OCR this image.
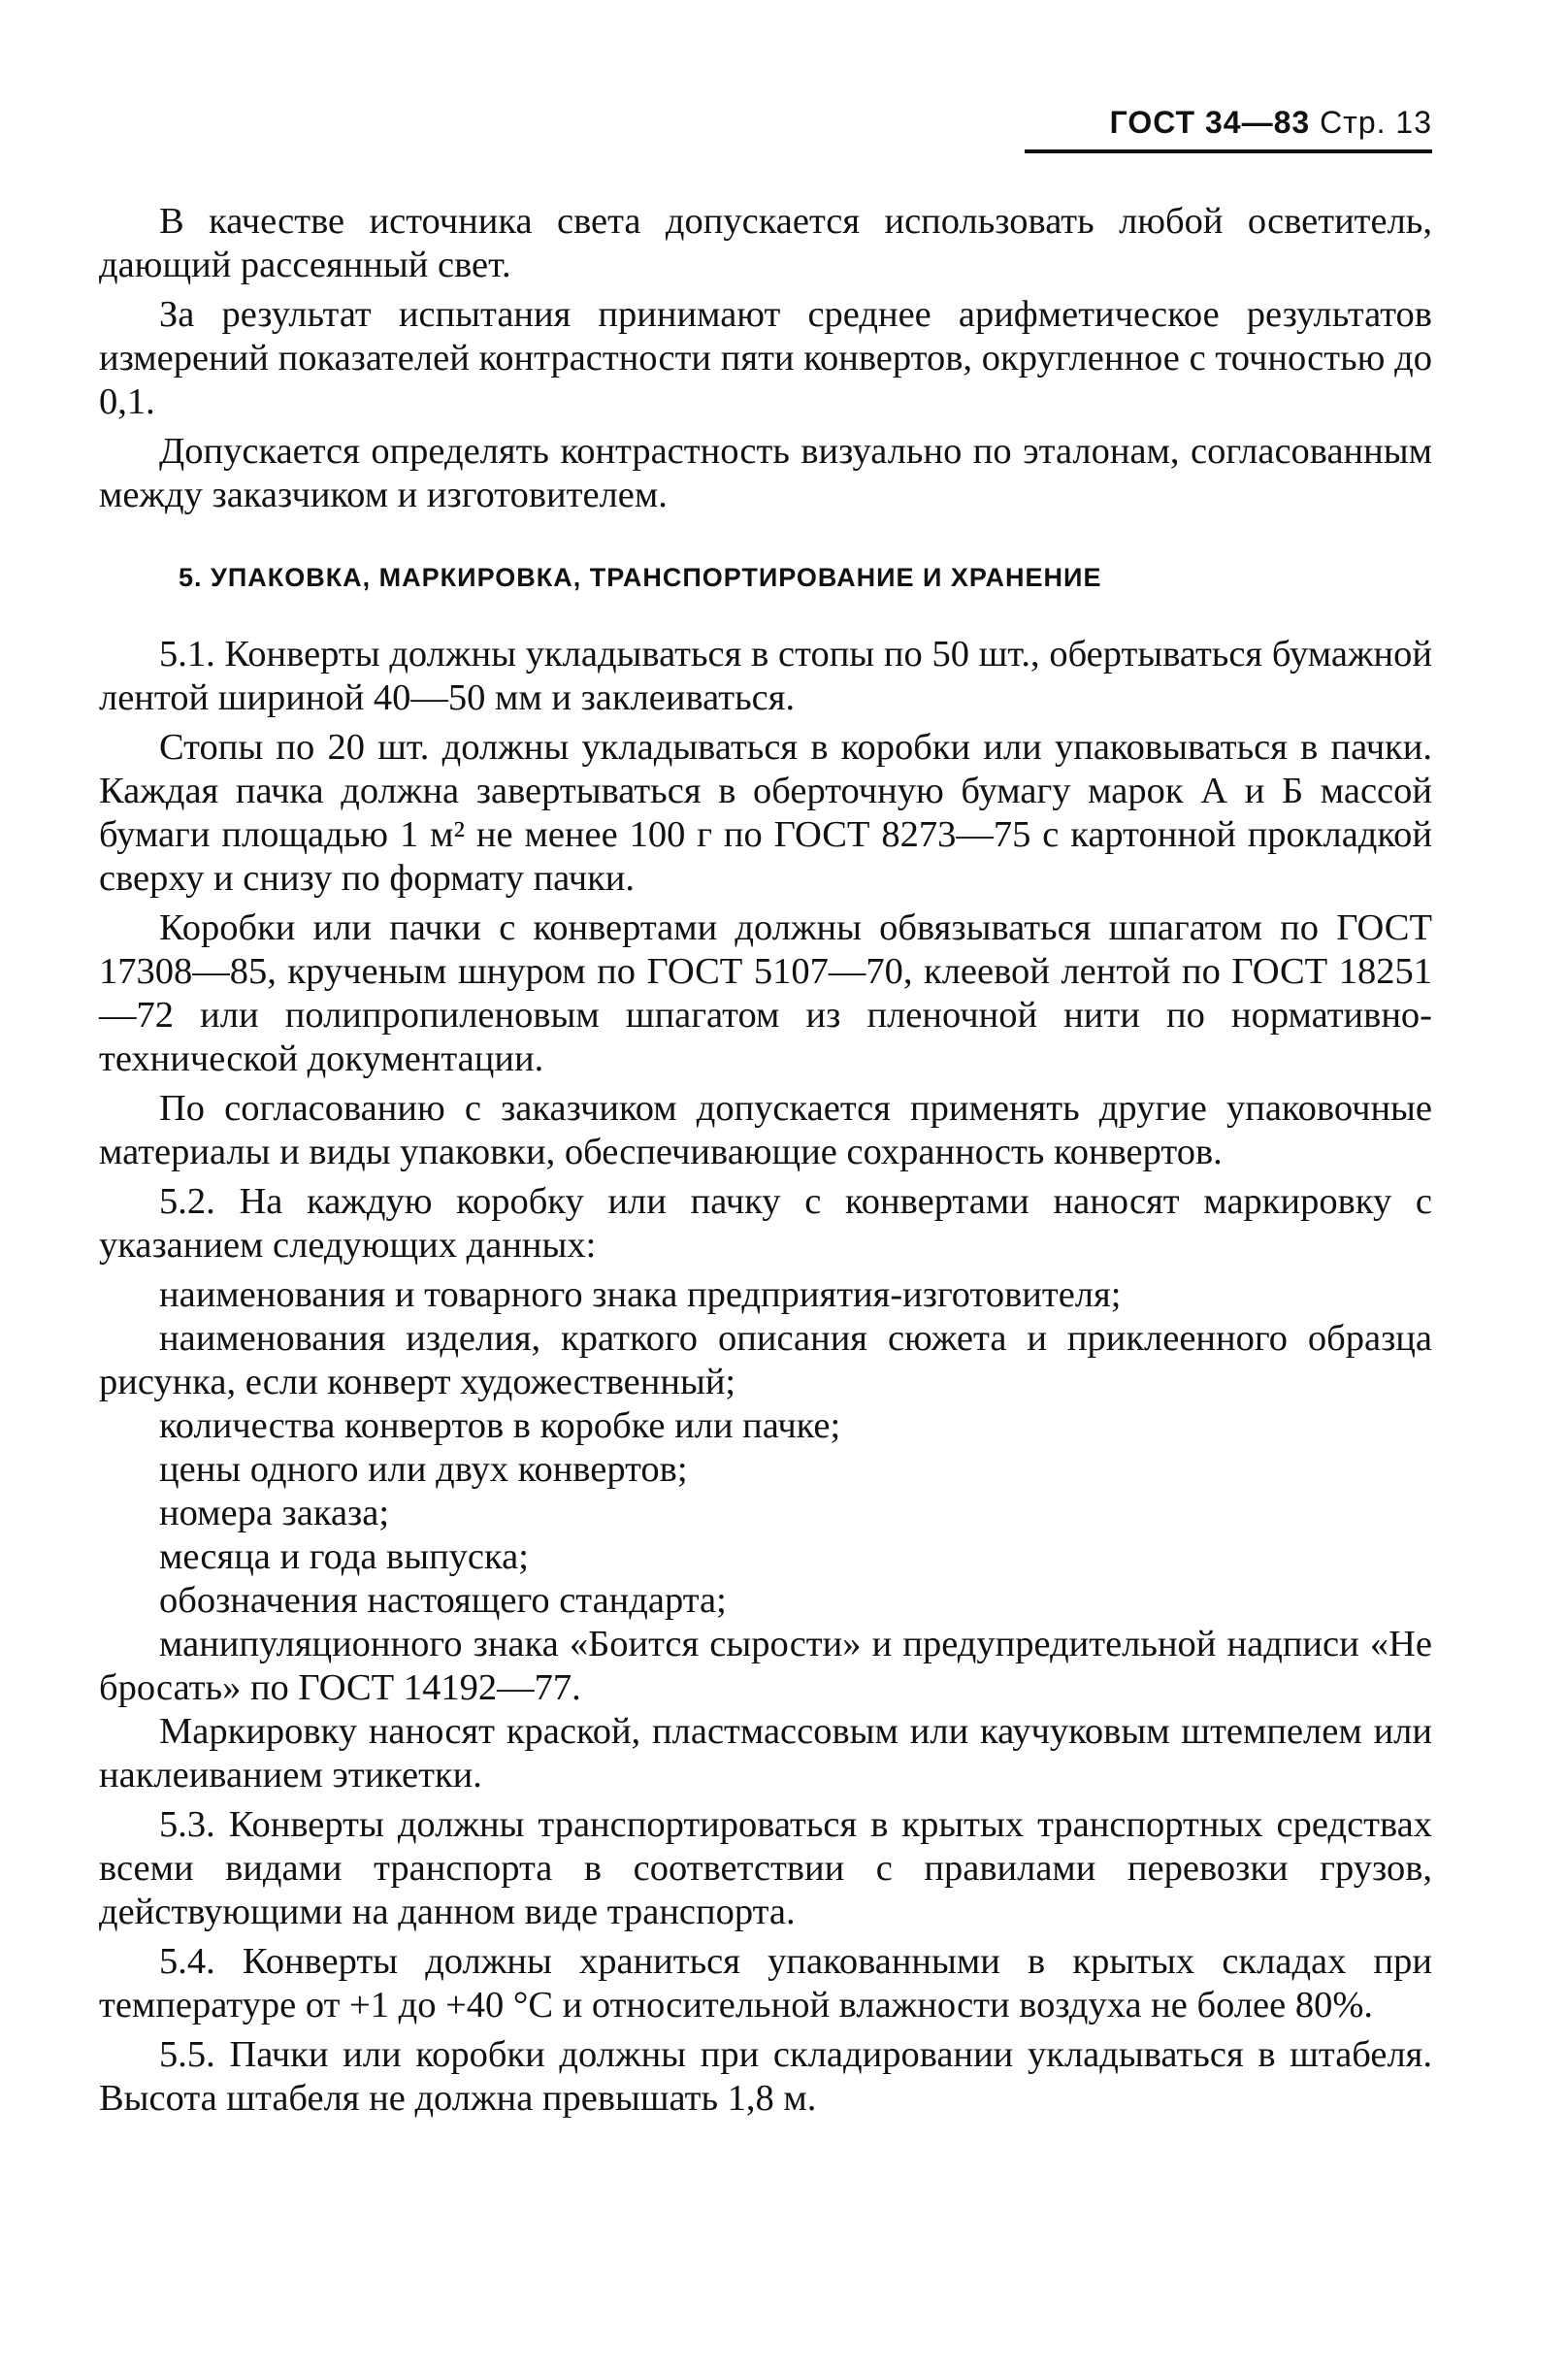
ГОСТ 34—83 Стр. 13

В качестве источника света допускается использовать любой осветитель, дающий рассеянный свет.

За результат испытания принимают среднее арифметическое результатов измерений показателей контрастности пяти конвертов, округленное с точностью до 0,1.

Допускается определять контрастность визуально по эталонам, согласованным между заказчиком и изготовителем.

5. УПАКОВКА, МАРКИРОВКА, ТРАНСПОРТИРОВАНИЕ И ХРАНЕНИЕ

5.1. Конверты должны укладываться в стопы по 50 шт., обертываться бумажной лентой шириной 40—50 мм и заклеиваться.

Стопы по 20 шт. должны укладываться в коробки или упаковываться в пачки. Каждая пачка должна завертываться в оберточную бумагу марок А и Б массой бумаги площадью 1 м² не менее 100 г по ГОСТ 8273—75 с картонной прокладкой сверху и снизу по формату пачки.

Коробки или пачки с конвертами должны обвязываться шпагатом по ГОСТ 17308—85, крученым шнуром по ГОСТ 5107—70, клеевой лентой по ГОСТ 18251—72 или полипропиленовым шпагатом из пленочной нити по нормативно-технической документации.

По согласованию с заказчиком допускается применять другие упаковочные материалы и виды упаковки, обеспечивающие сохранность конвертов.

5.2. На каждую коробку или пачку с конвертами наносят маркировку с указанием следующих данных:

наименования и товарного знака предприятия-изготовителя;

наименования изделия, краткого описания сюжета и приклеенного образца рисунка, если конверт художественный;

количества конвертов в коробке или пачке;

цены одного или двух конвертов;

номера заказа;

месяца и года выпуска;

обозначения настоящего стандарта;

манипуляционного знака «Боится сырости» и предупредительной надписи «Не бросать» по ГОСТ 14192—77.

Маркировку наносят краской, пластмассовым или каучуковым штемпелем или наклеиванием этикетки.

5.3. Конверты должны транспортироваться в крытых транспортных средствах всеми видами транспорта в соответствии с правилами перевозки грузов, действующими на данном виде транспорта.

5.4. Конверты должны храниться упакованными в крытых складах при температуре от +1 до +40 °С и относительной влажности воздуха не более 80%.

5.5. Пачки или коробки должны при складировании укладываться в штабеля. Высота штабеля не должна превышать 1,8 м.
